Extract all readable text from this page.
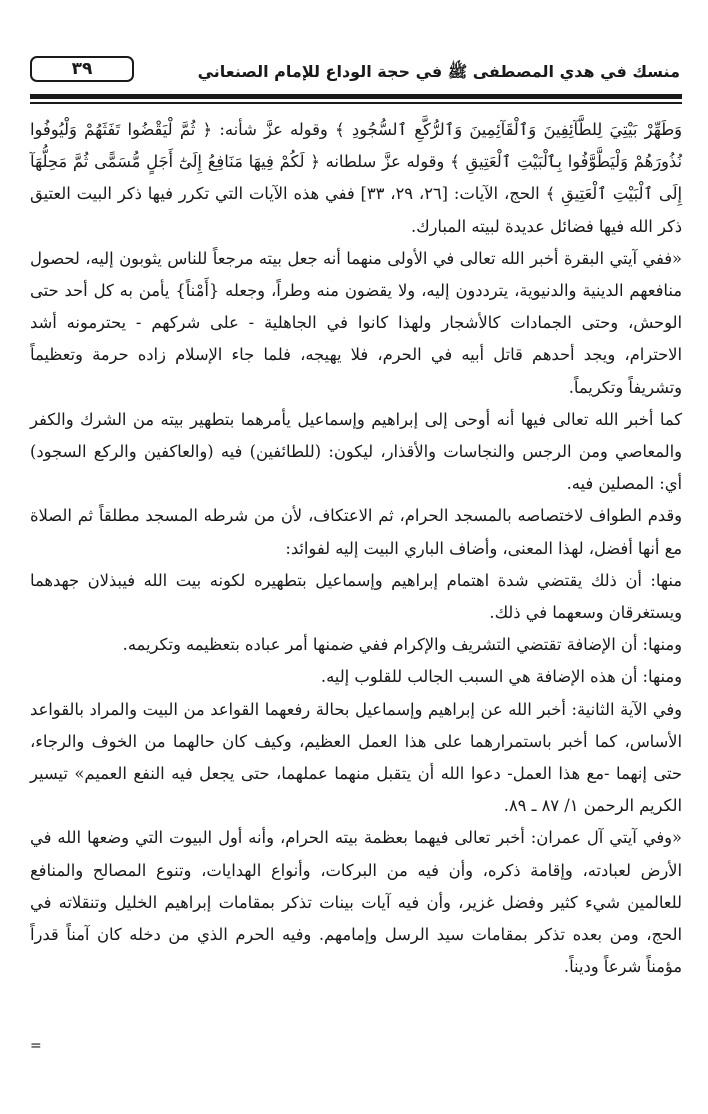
منسك في هدي المصطفى ﷺ في حجة الوداع للإمام الصنعاني
٣٩

وَطَهِّرْ بَيْتِيَ لِلطَّآئِفِينَ وَٱلْقَآئِمِينَ وَٱلرُّكَّعِ ٱلسُّجُودِ ﴾ وقوله عزَّ شأنه: ﴿ ثُمَّ لْيَقْضُوا تَفَثَهُمْ وَلْيُوفُوا نُذُورَهُمْ وَلْيَطَّوَّفُوا بِٱلْبَيْتِ ٱلْعَتِيقِ ﴾ وقوله عزَّ سلطانه ﴿ لَكُمْ فِيهَا مَنَافِعُ إِلَىٰٓ أَجَلٍ مُّسَمًّى ثُمَّ مَحِلُّهَآ إِلَى ٱلْبَيْتِ ٱلْعَتِيقِ ﴾ الحج، الآيات: [٢٦، ٢٩، ٣٣] ففي هذه الآيات التي تكرر فيها ذكر البيت العتيق ذكر الله فيها فضائل عديدة لبيته المبارك.

«ففي آيتي البقرة أخبر الله تعالى في الأولى منهما أنه جعل بيته مرجعاً للناس يثوبون إليه، لحصول منافعهم الدينية والدنيوية، يترددون إليه، ولا يقضون منه وطراً، وجعله {أَمْناً} يأمن به كل أحد حتى الوحش، وحتى الجمادات كالأشجار ولهذا كانوا في الجاهلية - على شركهم - يحترمونه أشد الاحترام، ويجد أحدهم قاتل أبيه في الحرم، فلا يهيجه، فلما جاء الإسلام زاده حرمة وتعظيماً وتشريفاً وتكريماً.

كما أخبر الله تعالى فيها أنه أوحى إلى إبراهيم وإسماعيل يأمرهما بتطهير بيته من الشرك والكفر والمعاصي ومن الرجس والنجاسات والأقذار، ليكون: (للطائفين) فيه (والعاكفين والركع السجود) أي: المصلين فيه.

وقدم الطواف لاختصاصه بالمسجد الحرام، ثم الاعتكاف، لأن من شرطه المسجد مطلقاً ثم الصلاة مع أنها أفضل، لهذا المعنى، وأضاف الباري البيت إليه لفوائد:

منها: أن ذلك يقتضي شدة اهتمام إبراهيم وإسماعيل بتطهيره لكونه بيت الله فيبذلان جهدهما ويستغرقان وسعهما في ذلك.

ومنها: أن الإضافة تقتضي التشريف والإكرام ففي ضمنها أمر عباده بتعظيمه وتكريمه.

ومنها: أن هذه الإضافة هي السبب الجالب للقلوب إليه.

وفي الآية الثانية: أخبر الله عن إبراهيم وإسماعيل بحالة رفعهما القواعد من البيت والمراد بالقواعد الأساس، كما أخبر باستمرارهما على هذا العمل العظيم، وكيف كان حالهما من الخوف والرجاء، حتى إنهما -مع هذا العمل- دعوا الله أن يتقبل منهما عملهما، حتى يجعل فيه النفع العميم» تيسير الكريم الرحمن ١/ ٨٧ ـ ٨٩.

«وفي آيتي آل عمران: أخبر تعالى فيهما بعظمة بيته الحرام، وأنه أول البيوت التي وضعها الله في الأرض لعبادته، وإقامة ذكره، وأن فيه من البركات، وأنواع الهدايات، وتنوع المصالح والمنافع للعالمين شيء كثير وفضل غزير، وأن فيه آيات بينات تذكر بمقامات إبراهيم الخليل وتنقلاته في الحج، ومن بعده تذكر بمقامات سيد الرسل وإمامهم. وفيه الحرم الذي من دخله كان آمناً قدراً مؤمناً شرعاً وديناً.

=
